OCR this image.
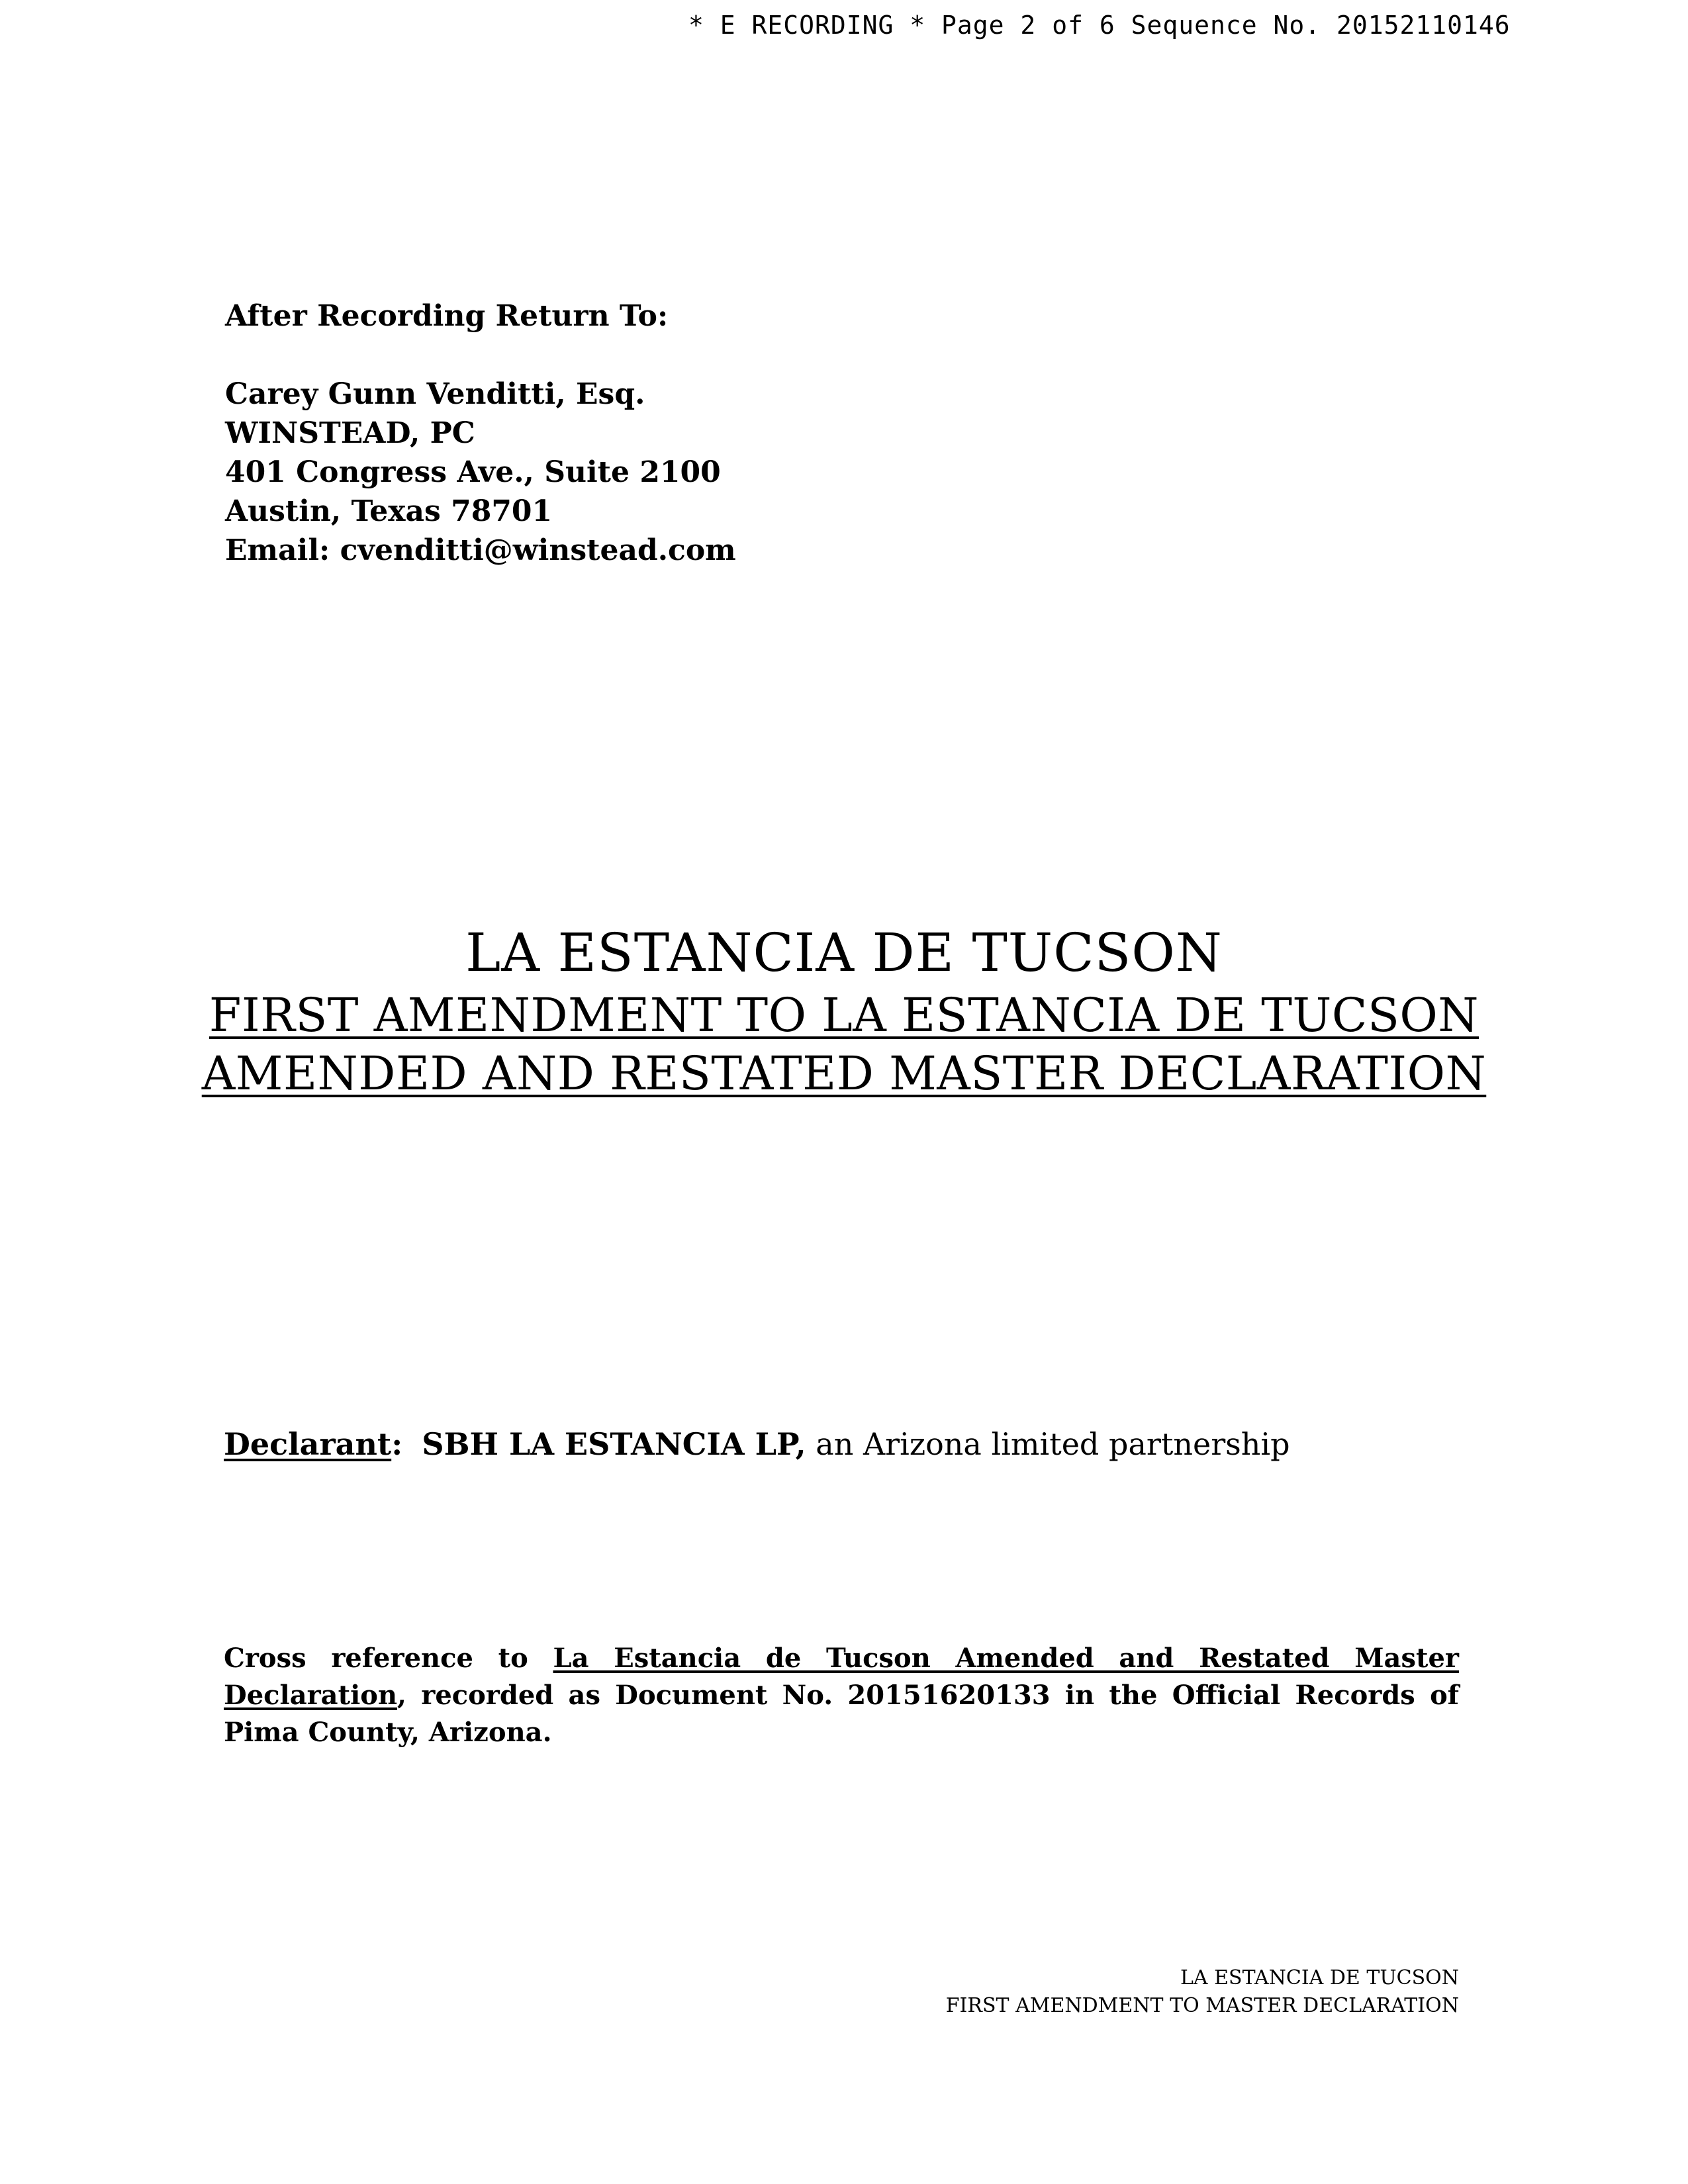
* E RECORDING * Page 2 of 6 Sequence No. 20152110146
After Recording Return To:
Carey Gunn Venditti, Esq.
WINSTEAD, PC
401 Congress Ave., Suite 2100
Austin, Texas 78701
Email: cvenditti@winstead.com
LA ESTANCIA DE TUCSON
FIRST AMENDMENT TO LA ESTANCIA DE TUCSON
AMENDED AND RESTATED MASTER DECLARATION
Declarant: SBH LA ESTANCIA LP, an Arizona limited partnership
Cross reference to La Estancia de Tucson Amended and Restated Master Declaration, recorded as Document No. 20151620133 in the Official Records of Pima County, Arizona.
LA ESTANCIA DE TUCSON
FIRST AMENDMENT TO MASTER DECLARATION
